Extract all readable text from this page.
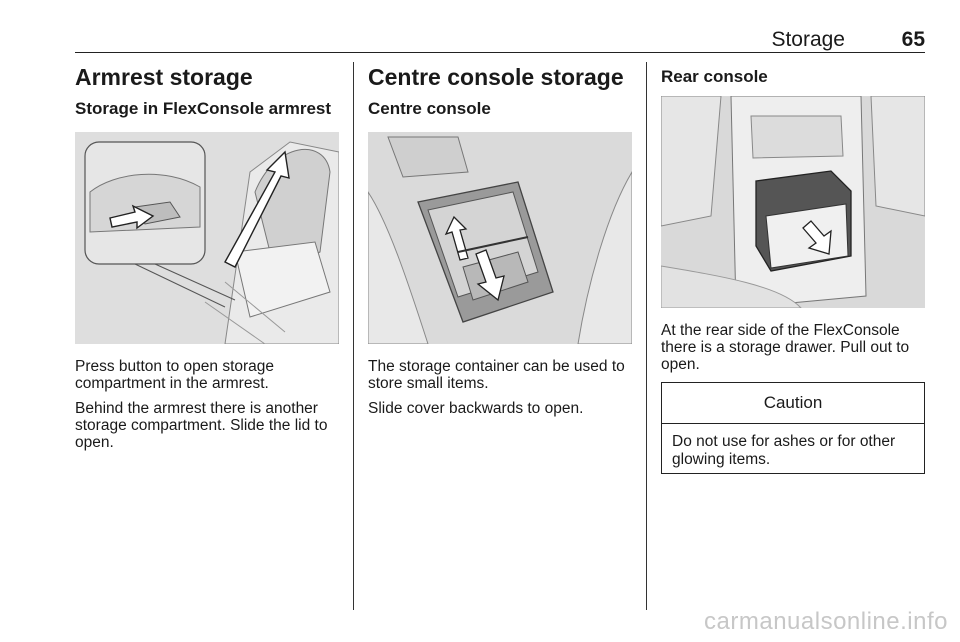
Storage	65
Armrest storage
Storage in FlexConsole armrest

Press button to open storage compartment in the armrest.

Behind the armrest there is another storage compartment. Slide the lid to open.

Centre console storage
Centre console

The storage container can be used to store small items.

Slide cover backwards to open.

Rear console

At the rear side of the FlexConsole there is a storage drawer. Pull out to open.

Caution
Do not use for ashes or for other glowing items.
carmanualsonline.info
